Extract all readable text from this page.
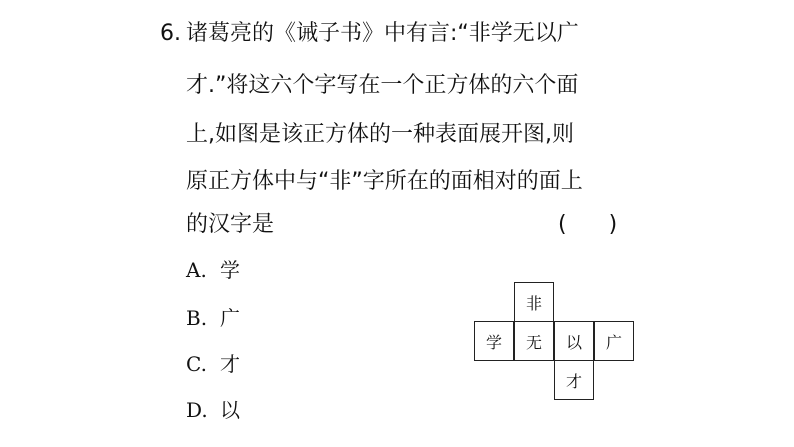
6. 诸葛亮的《诫子书》中有言:“非学无以广
才.”将这六个字写在一个正方体的六个面
上,如图是该正方体的一种表面展开图,则
原正方体中与“非”字所在的面相对的面上
的汉字是	( )
A. 学
B. 广
C. 才
D. 以
非
学	无	以	广
才
